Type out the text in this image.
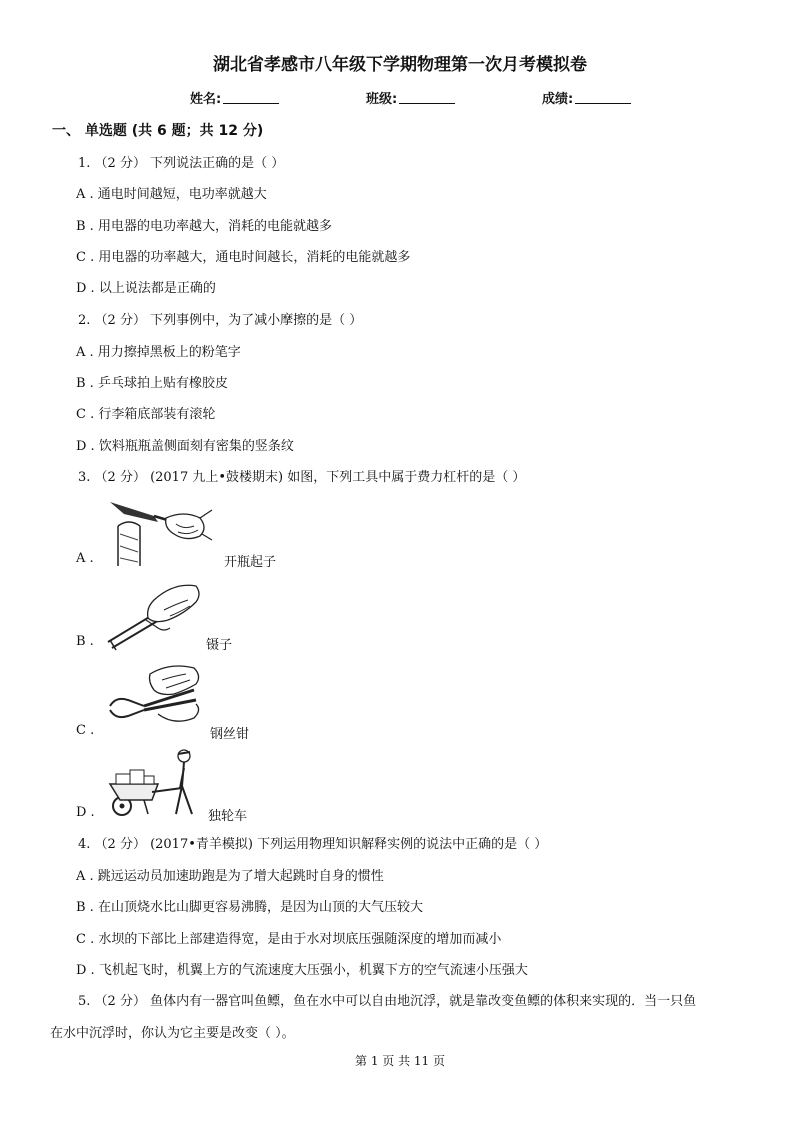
湖北省孝感市八年级下学期物理第一次月考模拟卷
姓名:	班级:	成绩:
一、 单选题 (共 6 题；共 12 分)
1. （2 分） 下列说法正确的是（ ）
A . 通电时间越短，电功率就越大
B . 用电器的电功率越大，消耗的电能就越多
C . 用电器的功率越大，通电时间越长，消耗的电能就越多
D . 以上说法都是正确的
2. （2 分） 下列事例中，为了减小摩擦的是（ ）
A . 用力擦掉黑板上的粉笔字
B . 乒乓球拍上贴有橡胶皮
C . 行李箱底部装有滚轮
D . 饮料瓶瓶盖侧面刻有密集的竖条纹
3. （2 分） (2017 九上•鼓楼期末) 如图，下列工具中属于费力杠杆的是（ ）
A .	开瓶起子
B .	镊子
C .	钢丝钳
D .	独轮车
4. （2 分） (2017•青羊模拟) 下列运用物理知识解释实例的说法中正确的是（ ）
A . 跳远运动员加速助跑是为了增大起跳时自身的惯性
B . 在山顶烧水比山脚更容易沸腾，是因为山顶的大气压较大
C . 水坝的下部比上部建造得宽，是由于水对坝底压强随深度的增加而减小
D . 飞机起飞时，机翼上方的气流速度大压强小，机翼下方的空气流速小压强大
5. （2 分） 鱼体内有一器官叫鱼鳔，鱼在水中可以自由地沉浮，就是靠改变鱼鳔的体积来实现的．当一只鱼
在水中沉浮时，你认为它主要是改变（ ）。
第 1 页 共 11 页
